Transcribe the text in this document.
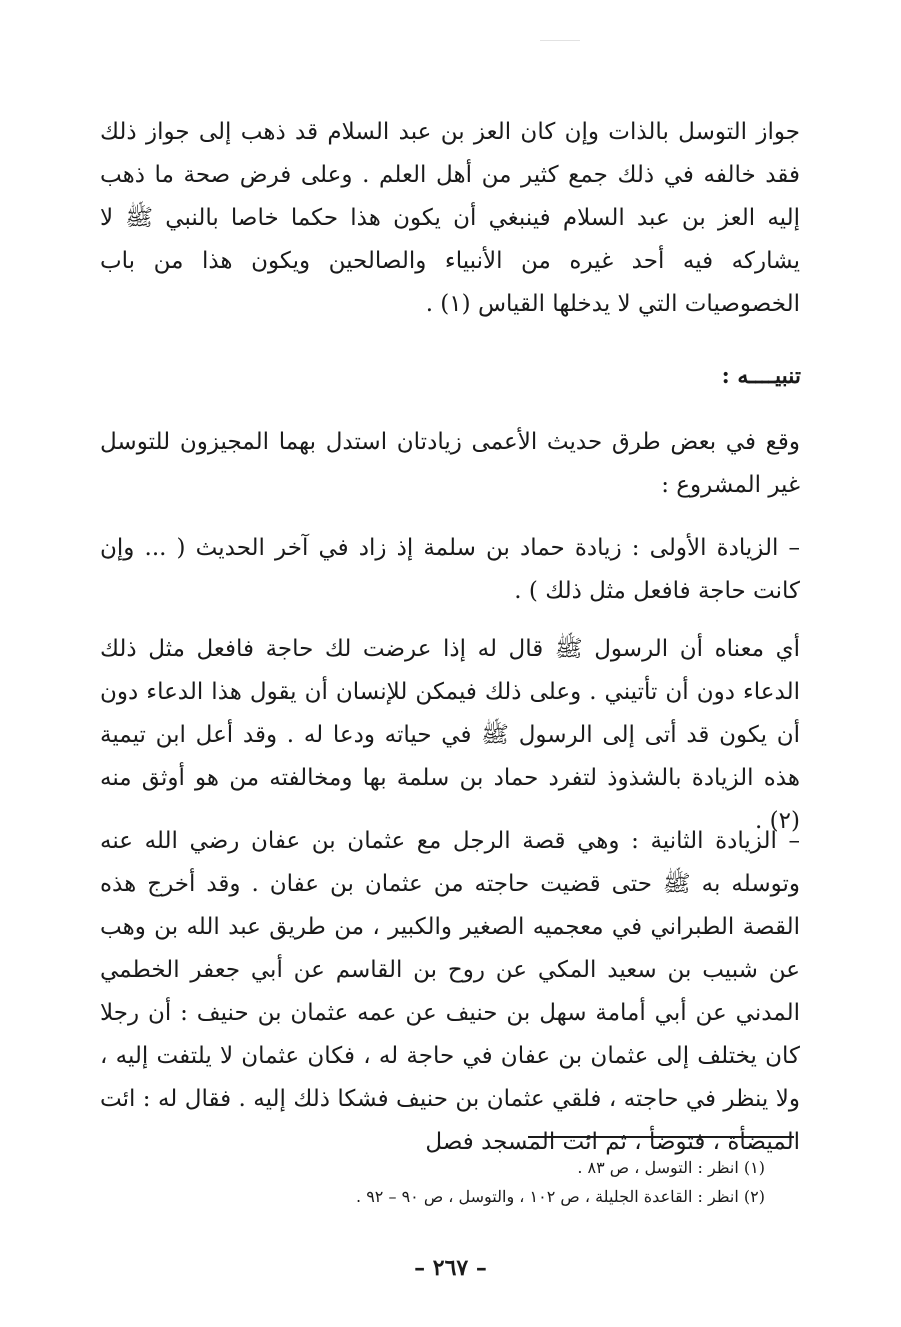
جواز التوسل بالذات وإن كان العز بن عبد السلام قد ذهب إلى جواز ذلك فقد خالفه في ذلك جمع كثير من أهل العلم . وعلى فرض صحة ما ذهب إليه العز بن عبد السلام فينبغي أن يكون هذا حكما خاصا بالنبي ﷺ لا يشاركه فيه أحد غيره من الأنبياء والصالحين ويكون هذا من باب الخصوصيات التي لا يدخلها القياس (١) .

تنبيــــه :

وقع في بعض طرق حديث الأعمى زيادتان استدل بهما المجيزون للتوسل غير المشروع :

– الزيادة الأولى : زيادة حماد بن سلمة إذ زاد في آخر الحديث ( ... وإن كانت حاجة فافعل مثل ذلك ) .

أي معناه أن الرسول ﷺ قال له إذا عرضت لك حاجة فافعل مثل ذلك الدعاء دون أن تأتيني . وعلى ذلك فيمكن للإنسان أن يقول هذا الدعاء دون أن يكون قد أتى إلى الرسول ﷺ في حياته ودعا له . وقد أعل ابن تيمية هذه الزيادة بالشذوذ لتفرد حماد بن سلمة بها ومخالفته من هو أوثق منه (٢) .

– الزيادة الثانية : وهي قصة الرجل مع عثمان بن عفان رضي الله عنه وتوسله به ﷺ حتى قضيت حاجته من عثمان بن عفان . وقد أخرج هذه القصة الطبراني في معجميه الصغير والكبير ، من طريق عبد الله بن وهب عن شبيب بن سعيد المكي عن روح بن القاسم عن أبي جعفر الخطمي المدني عن أبي أمامة سهل بن حنيف عن عمه عثمان بن حنيف : أن رجلا كان يختلف إلى عثمان بن عفان في حاجة له ، فكان عثمان لا يلتفت إليه ، ولا ينظر في حاجته ، فلقي عثمان بن حنيف فشكا ذلك إليه . فقال له : ائت الميضأة ، فتوضأ ، ثم ائت المسجد فصل

(١) انظر : التوسل ، ص ٨٣ .
(٢) انظر : القاعدة الجليلة ، ص ١٠٢ ، والتوسل ، ص ٩٠ – ٩٢ .
– ٢٦٧ –
